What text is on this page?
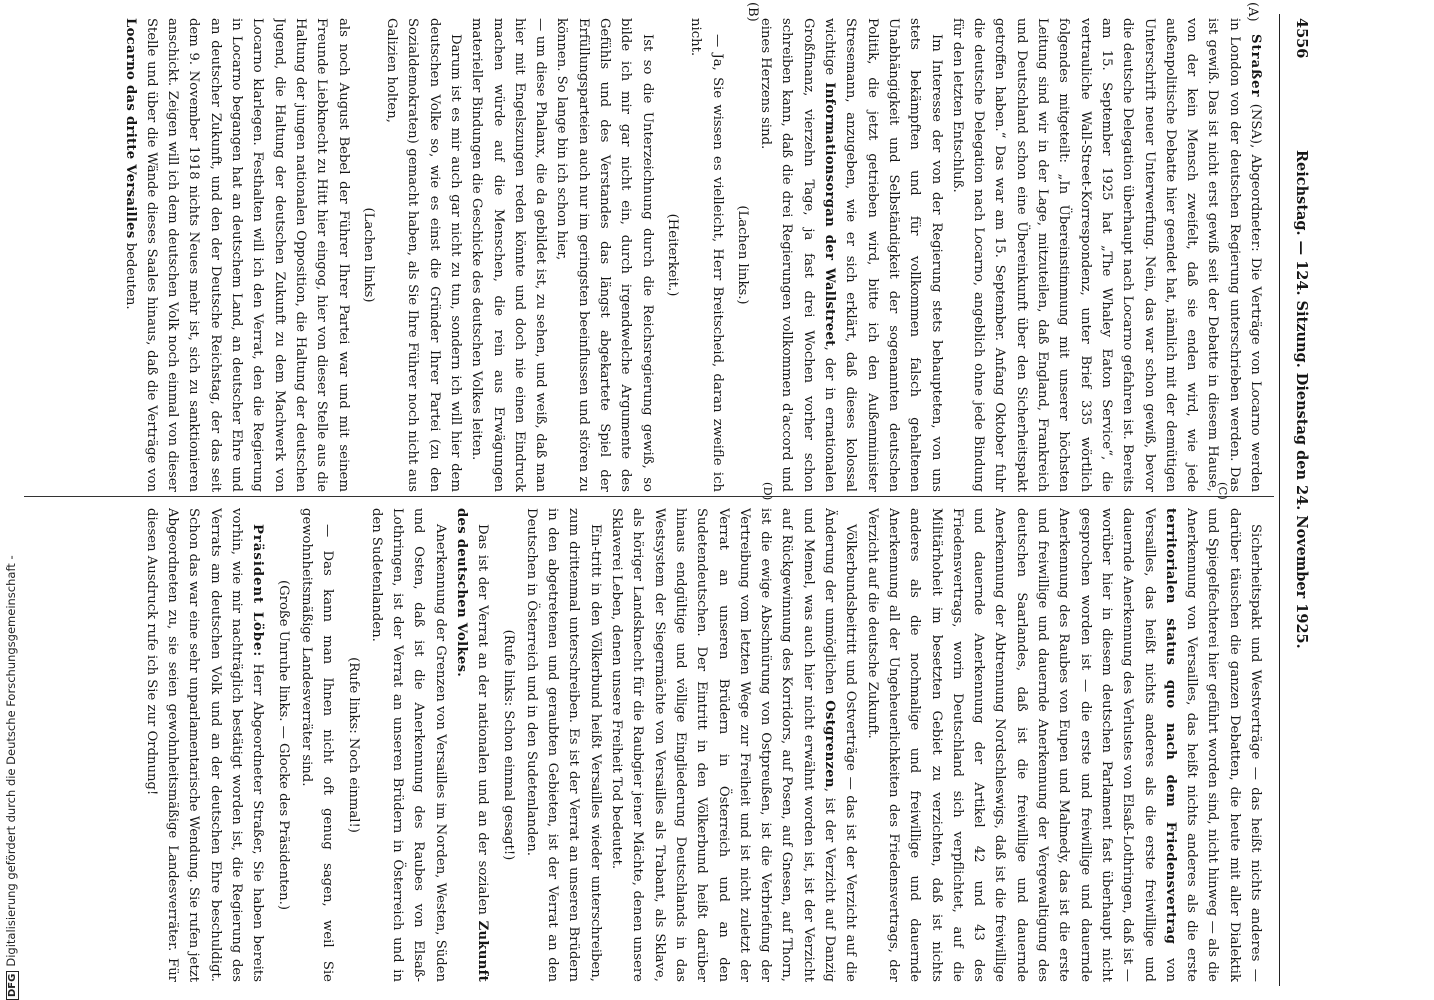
4556
Reichstag. — 124. Sitzung. Dienstag den 24. November 1925.
(A)
(B)
(C)
(D)

Straßer (NSA), Abgeordneter: Die Verträge von Locarno werden in London von der deutschen Regierung unterschrieben werden. Das ist gewiß. Das ist nicht erst gewiß seit der Debatte in diesem Hause, von der kein Mensch zweifelt, daß sie enden wird, wie jede außenpolitische Debatte hier geendet hat, nämlich mit der demütigen Unterschrift neuer Unterwerfung. Nein, das war schon gewiß, bevor die deutsche Delegation überhaupt nach Locarno gefahren ist. Bereits am 15. September 1925 hat „The Whaley Eaton Service“, die vertrauliche Wall-Street-Korrespondenz, unter Brief 335 wörtlich folgendes mitgeteilt: „In Übereinstimmung mit unserer höchsten Leitung sind wir in der Lage, mitzuteilen, daß England, Frankreich und Deutschland schon eine Übereinkunft über den Sicherheitspakt getroffen haben.“ Das war am 15. September. Anfang Oktober fuhr die deutsche Delegation nach Locarno, angeblich ohne jede Bindung für den letzten Entschluß.

Im Interesse der von der Regierung stets behaupteten, von uns stets bekämpften und für vollkommen falsch gehaltenen Unabhängigkeit und Selbständigkeit der sogenannten deutschen Politik, die jetzt getrieben wird, bitte ich den Außenminister Stresemann, anzugeben, wie er sich erklärt, daß dieses kolossal wichtige Informationsorgan der Wallstreet, der in ernationalen Großfinanz, vierzehn Tage, ja fast drei Wochen vorher schon schreiben kann, daß die drei Regierungen vollkommen d'accord und eines Herzens sind.

(Lachen links.)

— Ja, Sie wissen es vielleicht, Herr Breitscheid, daran zweifle ich nicht.

(Heiterkeit.)

Ist so die Unterzeichnung durch die Reichsregierung gewiß, so bilde ich mir gar nicht ein, durch irgendwelche Argumente des Gefühls und des Verstandes das längst abgekartete Spiel der Erfüllungsparteien auch nur im geringsten beeinflussen und stören zu können. So lange bin ich schon hier,

— um diese Phalanx, die da gebildet ist, zu sehen, und weiß, daß man hier mit Engelszungen reden könnte und doch nie einen Eindruck machen würde auf die Menschen, die rein aus Erwägungen materieller Bindungen die Geschicke des deutschen Volkes leiten.

Darum ist es mir auch gar nicht zu tun, sondern ich will hier dem deutschen Volke so, wie es einst die Gründer Ihrer Partei (zu den Sozialdemokraten) gemacht haben, als Sie Ihre Führer noch nicht aus Galizien holten,

(Lachen links)

als noch August Bebel der Führer Ihrer Partei war und mit seinem Freunde Liebknecht zu Hitt hier eingog, hier von dieser Stelle aus die Haltung der jungen nationalen Opposition, die Haltung der deutschen Jugend, die Haltung der deutschen Zukunft zu dem Machwerk von Locarno klarlegen. Festhalten will ich den Verrat, den die Regierung in Locarno begangen hat an deutschem Land, an deutscher Ehre und an deutscher Zukunft, und den der Deutsche Reichstag, der das seit dem 9. November 1918 nichts Neues mehr ist, sich zu sanktionieren anschickt. Zeigen will ich dem deutschen Volk noch einmal von dieser Stelle und über die Wände dieses Saales hinaus, daß die Verträge von Locarno das dritte Versailles bedeuten.

Sicherheitspakt und Westverträge — das heißt nichts anderes — darüber täuschen die ganzen Debatten, die heute mit aller Dialektik und Spiegelfechterei hier geführt worden sind, nicht hinweg — als die Anerkennung von Versailles, das heißt nichts anderes als die erste territorialen status quo nach dem Friedensvertrag von Versailles, das heißt nichts anderes als die erste freiwillige und dauernde Anerkennung des Verlustes von Elsaß-Lothringen, daß ist — worüber hier in diesem deutschen Parlament fast überhaupt nicht gesprochen worden ist — die erste und freiwillige und dauernde Anerkennung des Raubes von Eupen und Malmedy, das ist die erste und freiwillige und dauernde Anerkennung der Vergewaltigung des deutschen Saarlandes, daß ist die freiwillige und dauernde Anerkennung der Abtrennung Nordschleswigs, daß ist die freiwillige und dauernde Anerkennung der Artikel 42 und 43 des Friedensvertrags, worin Deutschland sich verpflichtet, auf die Militärhoheit im besetzten Gebiet zu verzichten, daß ist nichts anderes als die nochmalige und freiwillige und dauernde Anerkennung all der Ungeheuerlichkeiten des Friedensvertrags, der Verzicht auf die deutsche Zukunft.

Völkerbundsbeitritt und Ostverträge — das ist der Verzicht auf die Änderung der unmöglichen Ostgrenzen, ist der Verzicht auf Danzig und Memel, was auch hier nicht erwähnt worden ist, ist der Verzicht auf Rückgewinnung des Korridors, auf Posen, auf Gnesen, auf Thorn, ist die ewige Abschnürung von Ostpreußen, ist die Verbriefung der Vertreibung vom letzten Wege zur Freiheit und ist nicht zuletzt der Verrat an unseren Brüdern in Österreich und an den Sudetendeutschen. Der Eintritt in den Völkerbund heißt darüber hinaus endgültige und völlige Eingliederung Deutschlands in das Westsystem der Siegermächte von Versailles als Trabant, als Sklave, als höriger Landsknecht für die Raubgier jener Mächte, denen unsere Sklaverei Leben, denen unsere Freiheit Tod bedeutet.

Ein-tritt in den Völkerbund heißt Versailles wieder unterschreiben, zum drittenmal unterschreiben. Es ist der Verrat an unseren Brüdern in den abgetretenen und geraubten Gebieten, ist der Verrat an den Deutschen in Österreich und in den Sudetenlanden.

(Rufe links: Schon einmal gesagt!)

Das ist der Verrat an der nationalen und an der sozialen Zukunft des deutschen Volkes.

Anerkennung der Grenzen von Versailles im Norden, Westen, Süden und Osten, daß ist die Anerkennung des Raubes von Elsaß-Lothringen, ist der Verrat an unseren Brüdern in Österreich und in den Sudetenlanden.

(Rufe links: Noch einmal!)

— Das kann man Ihnen nicht oft genug sagen, weil Sie gewohnheitsmäßige Landesverräter sind.

(Große Unruhe links. — Glocke des Präsidenten.)

Präsident Löbe: Herr Abgeordneter Straßer, Sie haben bereits vorhin, wie mir nachträglich bestätigt worden ist, die Regierung des Verrats am deutschen Volk und an der deutschen Ehre beschuldigt. Schon das war eine sehr unparlamentarische Wendung. Sie rufen jetzt Abgeordneten zu, sie seien gewohnheitsmäßige Landesverräter. Für diesen Ausdruck rufe ich Sie zur Ordnung!

DFGDigitalisierung gefördert durch die Deutsche Forschungsgemeinschaft -
